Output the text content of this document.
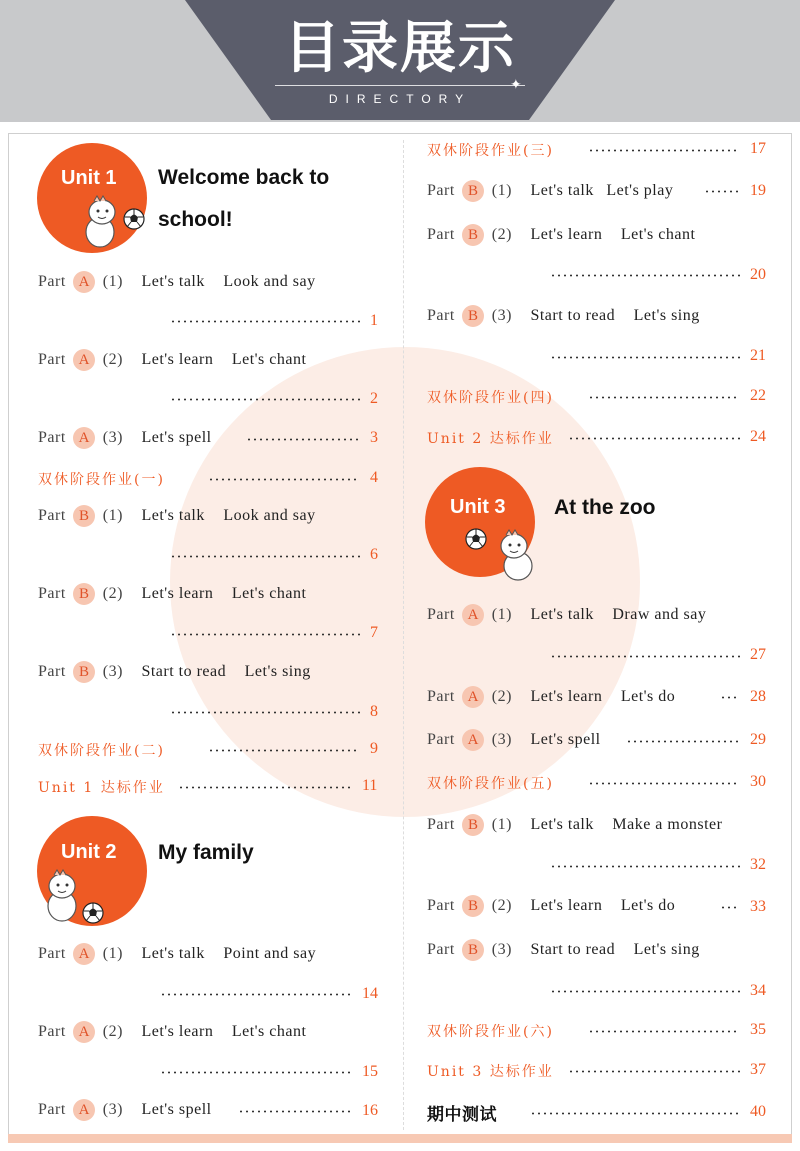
目录展示
✦
DIRECTORY
Unit 1 Welcome back to
school!
Unit 2 My family
Unit 3 At the zoo
Part A (1) Let's talk Look and say
1
Part A (2) Let's learn Let's chant
2
Part A (3) Let's spell	3
双休阶段作业(一)	4
Part B (1) Let's talk Look and say
6
Part B (2) Let's learn Let's chant
7
Part B (3) Start to read Let's sing
8
双休阶段作业(二)	9
Unit 1 达标作业	11
Part A (1) Let's talk Point and say
14
Part A (2) Let's learn Let's chant
15
Part A (3) Let's spell	16
双休阶段作业(三)	17
Part B (1) Let's talk Let's play	19
Part B (2) Let's learn Let's chant
20
Part B (3) Start to read Let's sing
21
双休阶段作业(四)	22
Unit 2 达标作业	24
Part A (1) Let's talk Draw and say
27
Part A (2) Let's learn Let's do	28
Part A (3) Let's spell	29
双休阶段作业(五)	30
Part B (1) Let's talk Make a monster
32
Part B (2) Let's learn Let's do	33
Part B (3) Start to read Let's sing
34
双休阶段作业(六)	35
Unit 3 达标作业	37
期中测试	40
